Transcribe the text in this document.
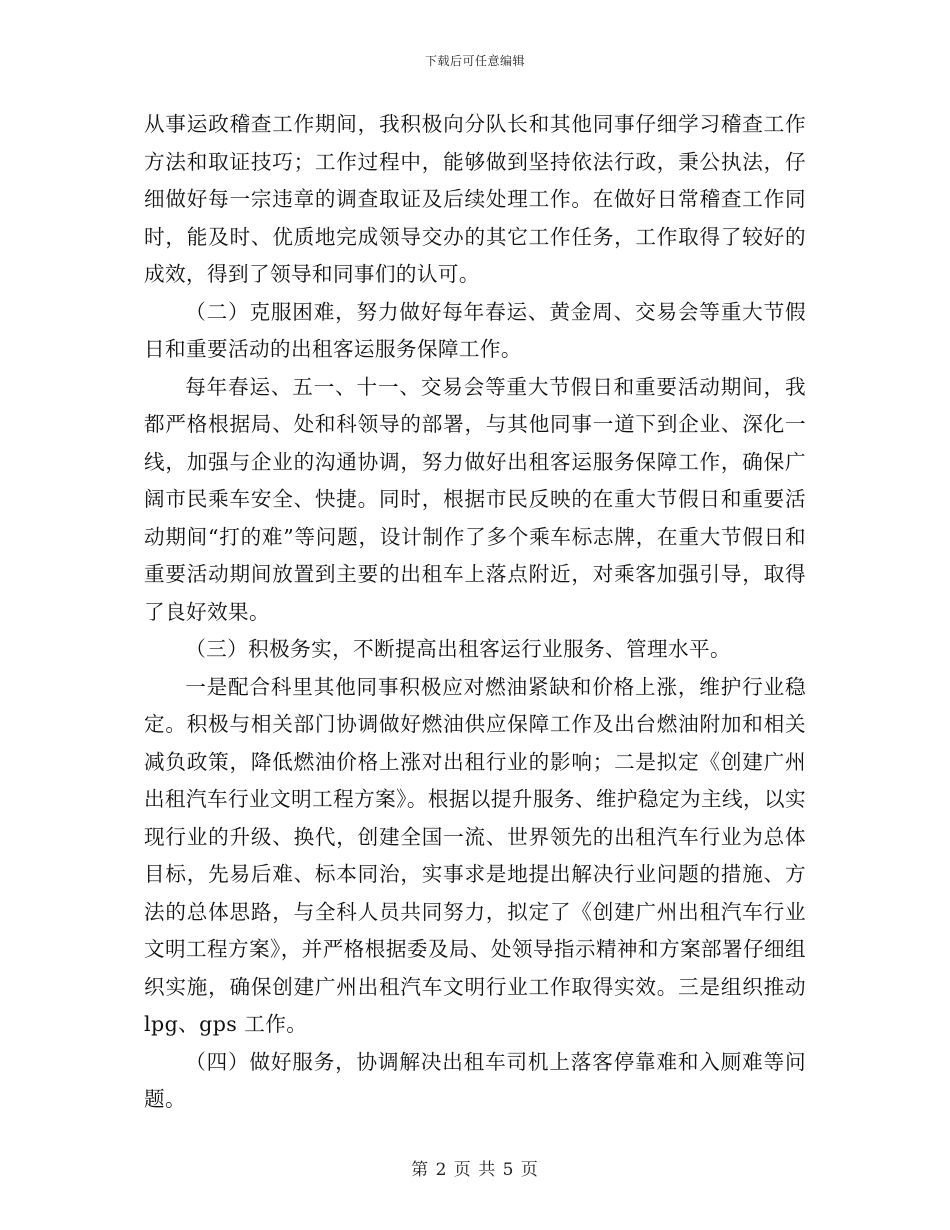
下载后可任意编辑

从事运政稽查工作期间，我积极向分队长和其他同事仔细学习稽查工作方法和取证技巧；工作过程中，能够做到坚持依法行政，秉公执法，仔细做好每一宗违章的调查取证及后续处理工作。在做好日常稽查工作同时，能及时、优质地完成领导交办的其它工作任务，工作取得了较好的成效，得到了领导和同事们的认可。

（二）克服困难，努力做好每年春运、黄金周、交易会等重大节假日和重要活动的出租客运服务保障工作。

每年春运、五一、十一、交易会等重大节假日和重要活动期间，我都严格根据局、处和科领导的部署，与其他同事一道下到企业、深化一线，加强与企业的沟通协调，努力做好出租客运服务保障工作，确保广阔市民乘车安全、快捷。同时，根据市民反映的在重大节假日和重要活动期间“打的难”等问题，设计制作了多个乘车标志牌，在重大节假日和重要活动期间放置到主要的出租车上落点附近，对乘客加强引导，取得了良好效果。

（三）积极务实，不断提高出租客运行业服务、管理水平。

一是配合科里其他同事积极应对燃油紧缺和价格上涨，维护行业稳定。积极与相关部门协调做好燃油供应保障工作及出台燃油附加和相关减负政策，降低燃油价格上涨对出租行业的影响；二是拟定《创建广州出租汽车行业文明工程方案》。根据以提升服务、维护稳定为主线，以实现行业的升级、换代，创建全国一流、世界领先的出租汽车行业为总体目标，先易后难、标本同治，实事求是地提出解决行业问题的措施、方法的总体思路，与全科人员共同努力，拟定了《创建广州出租汽车行业文明工程方案》，并严格根据委及局、处领导指示精神和方案部署仔细组织实施，确保创建广州出租汽车文明行业工作取得实效。三是组织推动 lpg、gps 工作。

（四）做好服务，协调解决出租车司机上落客停靠难和入厕难等问题。

第 2 页 共 5 页
